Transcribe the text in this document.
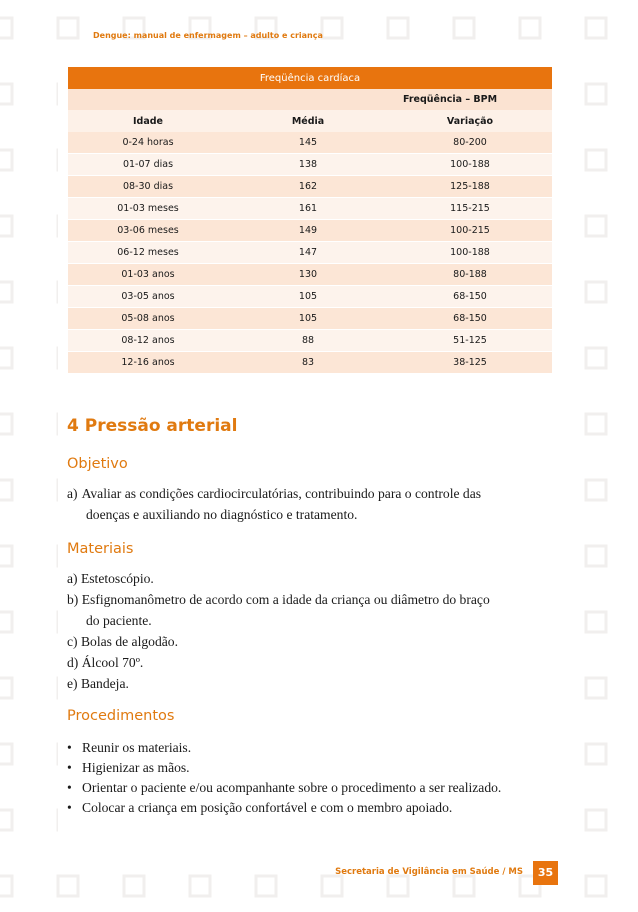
Dengue: manual de enfermagem – adulto e criança
Freqüência cardíaca		
	Freqüência – BPM	
Idade	Média	Variação
0-24 horas	145	80-200
01-07 dias	138	100-188
08-30 dias	162	125-188
01-03 meses	161	115-215
03-06 meses	149	100-215
06-12 meses	147	100-188
01-03 anos	130	80-188
03-05 anos	105	68-150
05-08 anos	105	68-150
08-12 anos	88	51-125
12-16 anos	83	38-125
4 Pressão arterial
Objetivo
a) Avaliar as condições cardiocirculatórias, contribuindo para o controle das
doenças e auxiliando no diagnóstico e tratamento.
Materiais
a) Estetoscópio.
b) Esfignomanômetro de acordo com a idade da criança ou diâmetro do braço
do paciente.
c) Bolas de algodão.
d) Álcool 70º.
e) Bandeja.
Procedimentos
• Reunir os materiais.
• Higienizar as mãos.
• Orientar o paciente e/ou acompanhante sobre o procedimento a ser realizado.
• Colocar a criança em posição confortável e com o membro apoiado.
Secretaria de Vigilância em Saúde / MS	35
